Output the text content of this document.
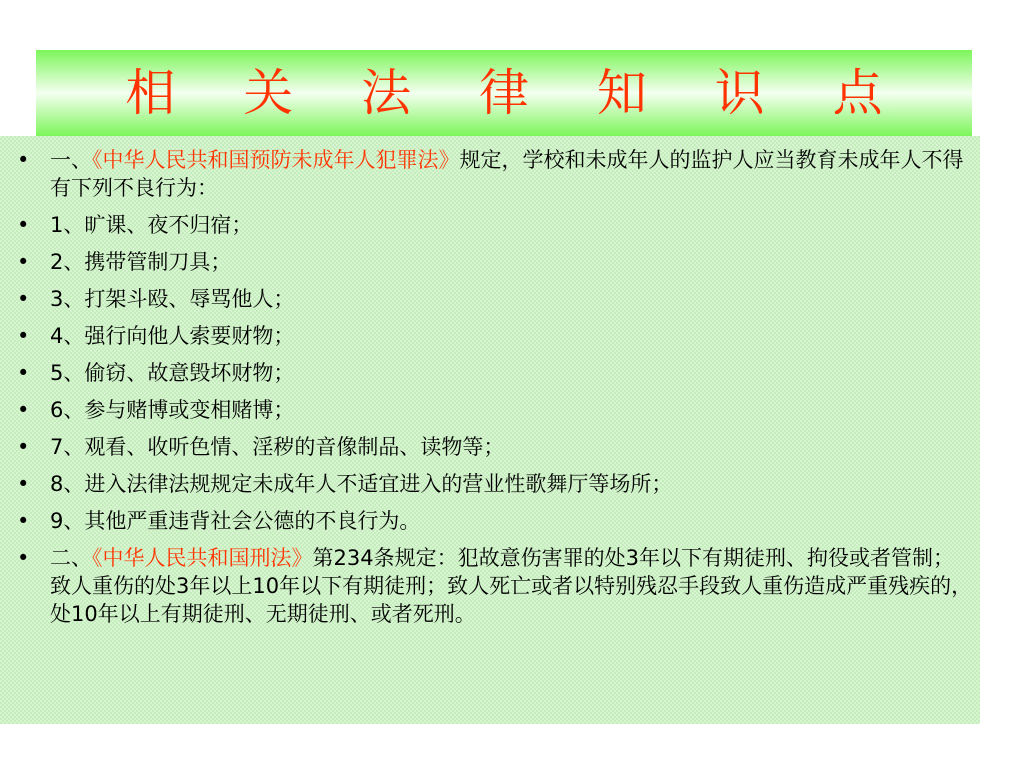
相 关 法 律 知 识 点
• 一、《中华人民共和国预防未成年人犯罪法》规定，学校和未成年人的监护人应当教育未成年人不得有下列不良行为：
• 1、旷课、夜不归宿；
• 2、携带管制刀具；
• 3、打架斗殴、辱骂他人；
• 4、强行向他人索要财物；
• 5、偷窃、故意毁坏财物；
• 6、参与赌博或变相赌博；
• 7、观看、收听色情、淫秽的音像制品、读物等；
• 8、进入法律法规规定未成年人不适宜进入的营业性歌舞厅等场所；
• 9、其他严重违背社会公德的不良行为。
• 二、《中华人民共和国刑法》第234条规定：犯故意伤害罪的处3年以下有期徒刑、拘役或者管制；致人重伤的处3年以上10年以下有期徒刑；致人死亡或者以特别残忍手段致人重伤造成严重残疾的，处10年以上有期徒刑、无期徒刑、或者死刑。
